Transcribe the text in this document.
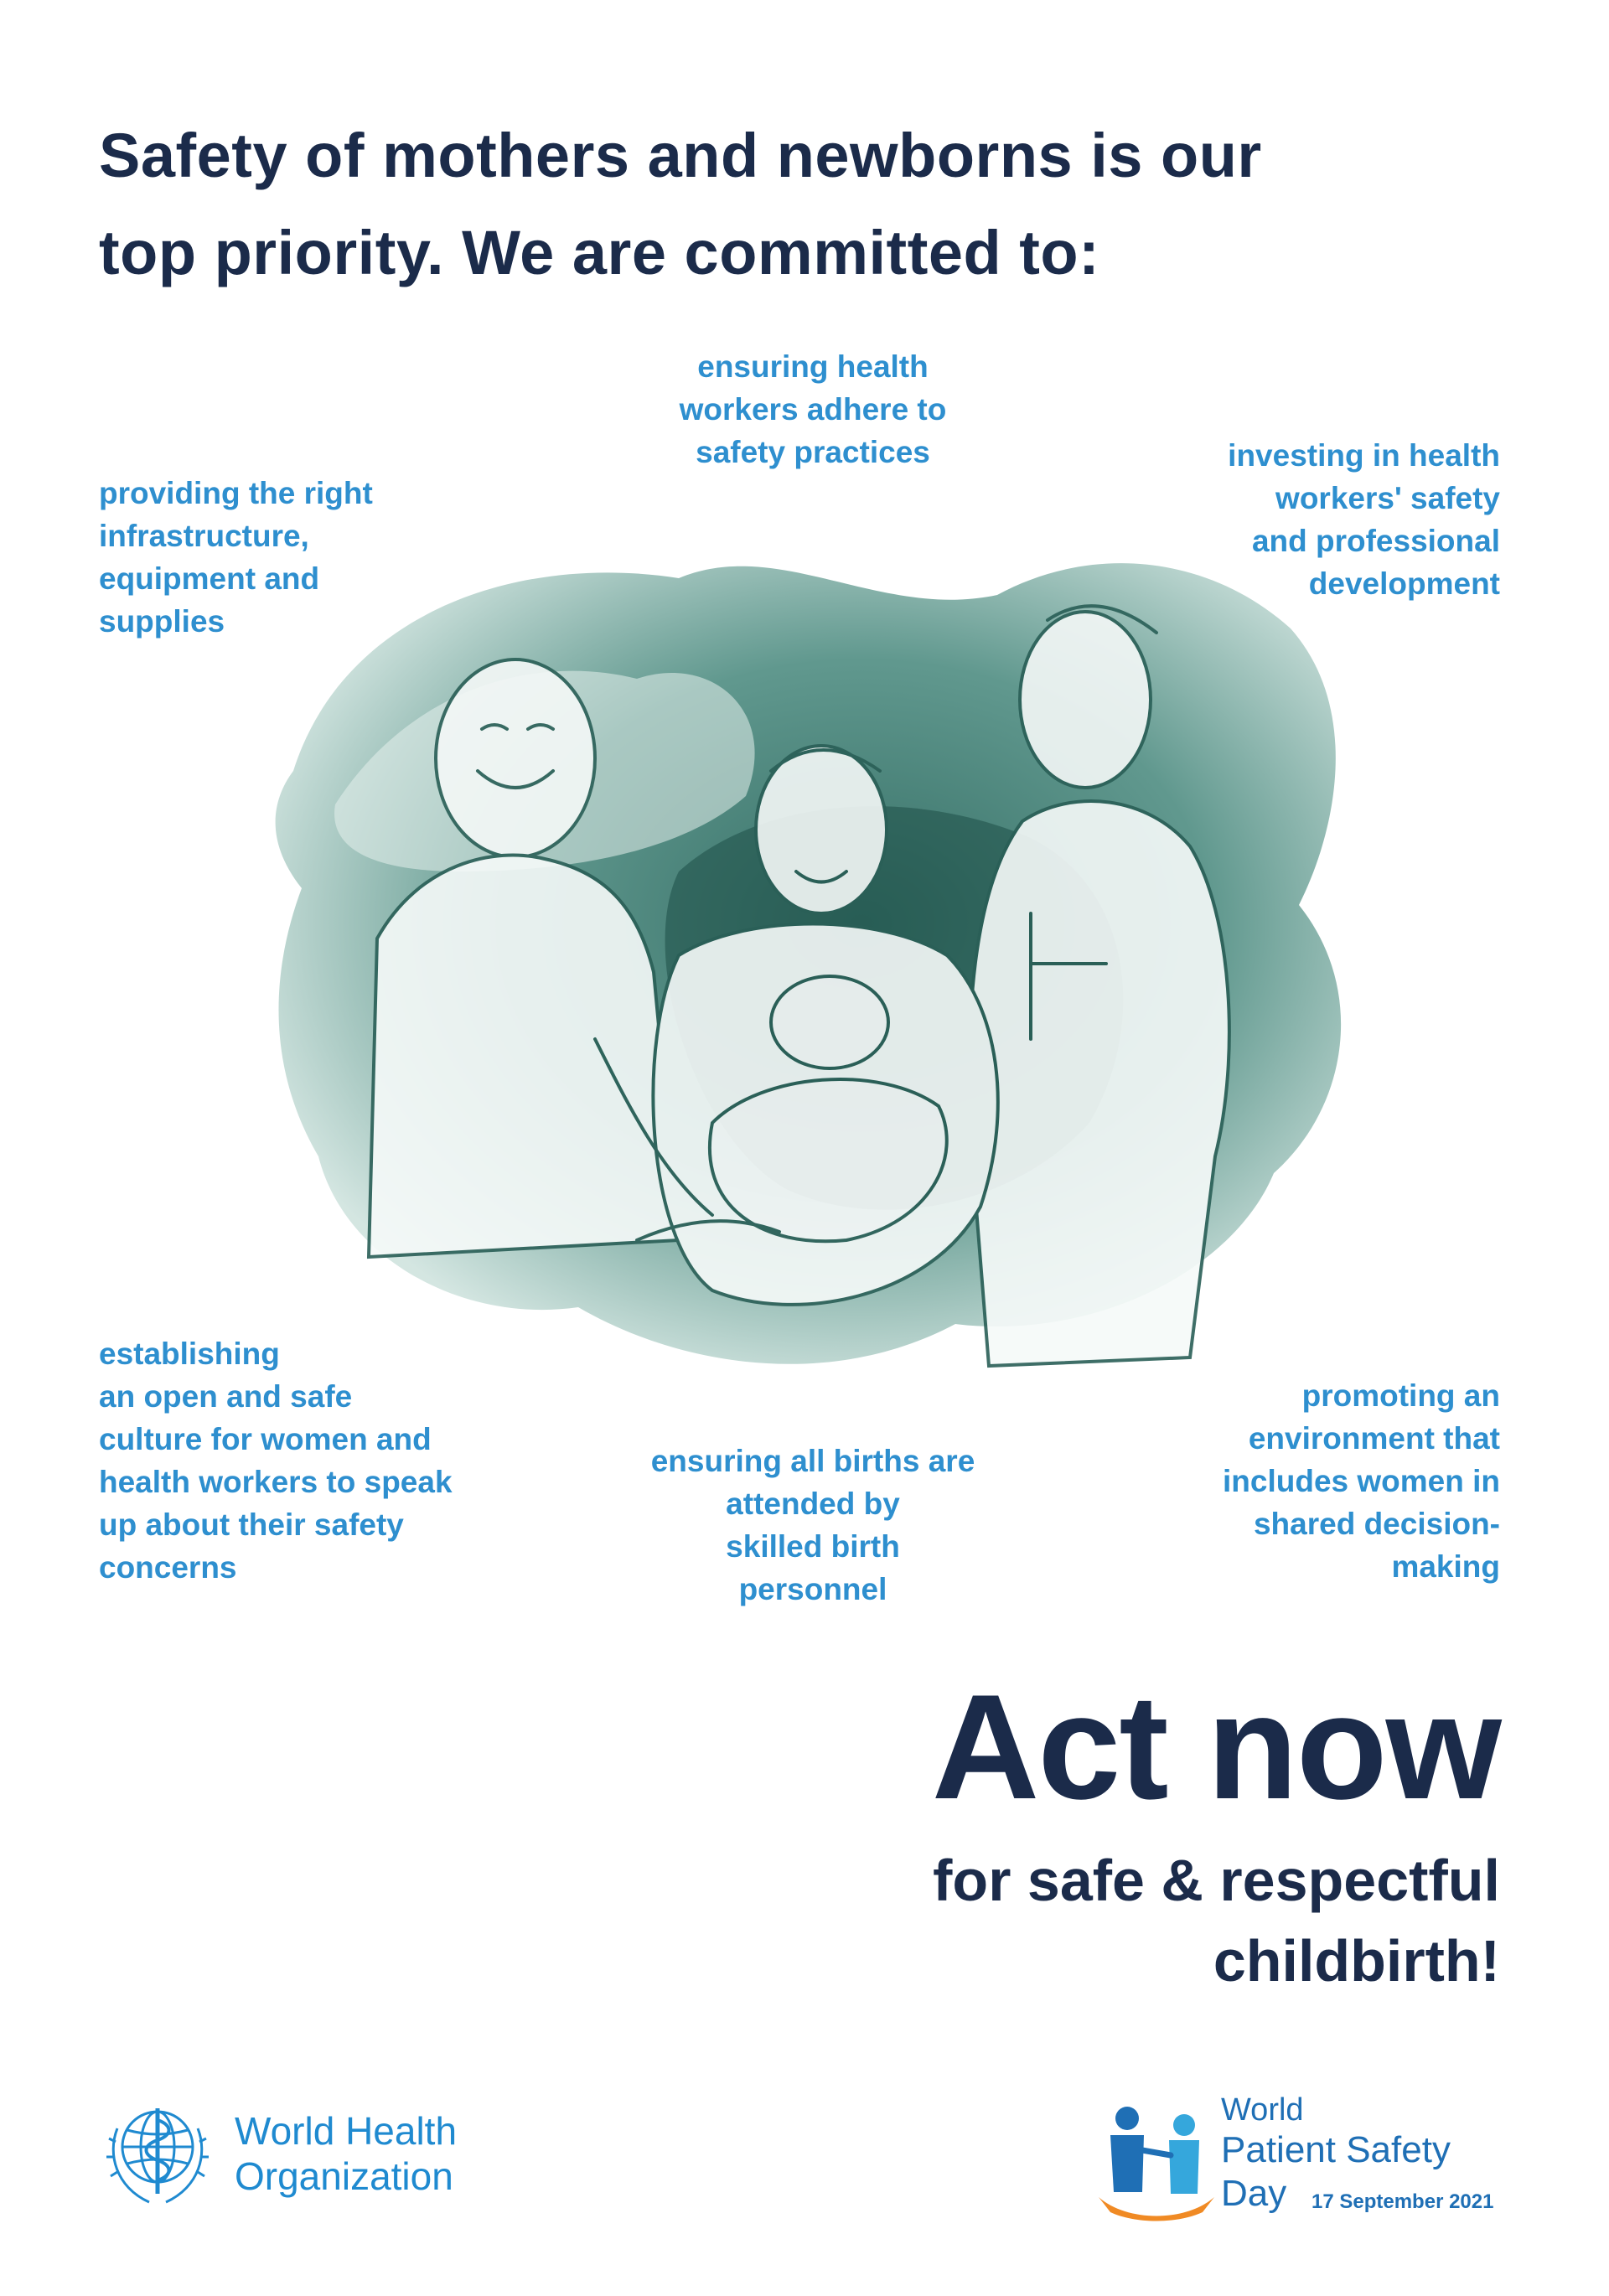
Safety of mothers and newborns is our
top priority. We are committed to:
ensuring health
workers adhere to
safety practices
providing the right
infrastructure,
equipment and
supplies
investing in health
workers' safety
and professional
development
establishing
an open and safe
culture for women and
health workers to speak
up about their safety
concerns
ensuring all births are
attended by
skilled birth
personnel
promoting an
environment that
includes women in
shared decision-
making
Act now
for safe & respectful
childbirth!
World Health
Organization
World
Patient Safety
Day	17 September 2021
